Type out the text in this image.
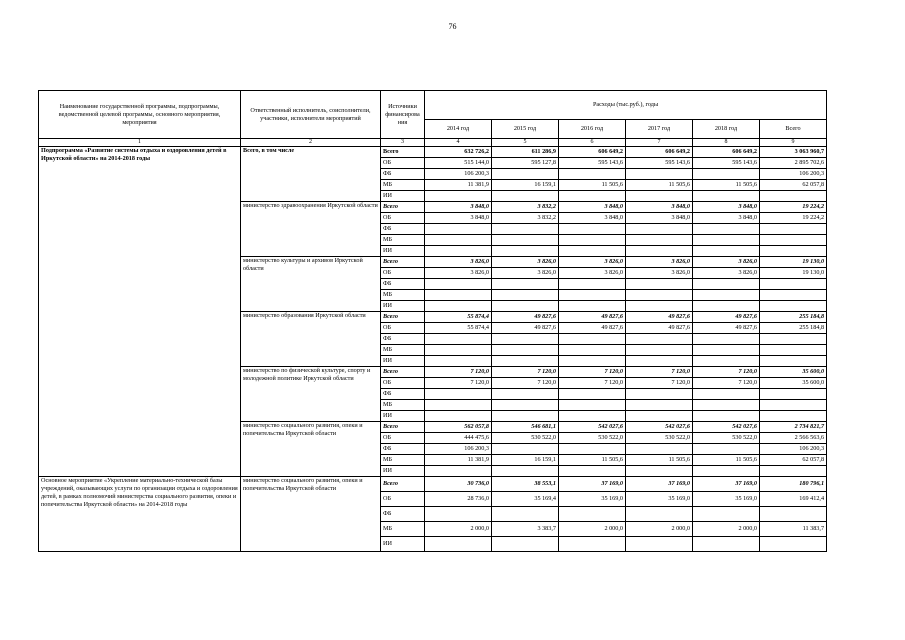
76
Наименование государственной программы, подпрограммы, ведомственной целевой программы, основного мероприятия, мероприятия	Ответственный исполнитель, соисполнители, участники, исполнители мероприятий	Источники финансирова ния	Расходы (тыс.руб.), годы					
			2014 год	2015 год	2016 год	2017 год	2018 год	Всего
1	2	3	4	5	6	7	8	9
Подпрограмма «Развитие системы отдыха и оздоровления детей в Иркутской области» на 2014-2018 годы	Всего, в том числе	Всего	632 726,2	611 286,9	606 649,2	606 649,2	606 649,2	3 063 960,7
		ОБ	515 144,0	595 127,8	595 143,6	595 143,6	595 143,6	2 895 702,6
		ФБ	106 200,3					106 200,3
		МБ	11 381,9	16 159,1	11 505,6	11 505,6	11 505,6	62 057,8
		ИИ						
	министерство здравоохранения Иркутской области	Всего	3 848,0	3 832,2	3 848,0	3 848,0	3 848,0	19 224,2
		ОБ	3 848,0	3 832,2	3 848,0	3 848,0	3 848,0	19 224,2
		ФБ						
		МБ						
		ИИ						
	министерство культуры и архивов Иркутской области	Всего	3 826,0	3 826,0	3 826,0	3 826,0	3 826,0	19 130,0
		ОБ	3 826,0	3 826,0	3 826,0	3 826,0	3 826,0	19 130,0
		ФБ						
		МБ						
		ИИ						
	министерство образования Иркутской области	Всего	55 874,4	49 827,6	49 827,6	49 827,6	49 827,6	255 184,8
		ОБ	55 874,4	49 827,6	49 827,6	49 827,6	49 827,6	255 184,8
		ФБ						
		МБ						
		ИИ						
	министерство по физической культуре, спорту и молодежной политике Иркутской области	Всего	7 120,0	7 120,0	7 120,0	7 120,0	7 120,0	35 600,0
		ОБ	7 120,0	7 120,0	7 120,0	7 120,0	7 120,0	35 600,0
		ФБ						
		МБ						
		ИИ						
	министерство социального развития, опеки и попечительства Иркутской области	Всего	562 057,8	546 681,1	542 027,6	542 027,6	542 027,6	2 734 821,7
		ОБ	444 475,6	530 522,0	530 522,0	530 522,0	530 522,0	2 566 563,6
		ФБ	106 200,3					106 200,3
		МБ	11 381,9	16 159,1	11 505,6	11 505,6	11 505,6	62 057,8
		ИИ						
Основное мероприятие «Укрепление материально-технической базы учреждений, оказывающих услуги по организации отдыха и оздоровления детей, в рамках полномочий министерства социального развития, опеки и попечительства Иркутской области» на 2014-2018 годы	министерство социального развития, опеки и попечительства Иркутской области	Всего	30 736,0	38 553,1	37 169,0	37 169,0	37 169,0	180 796,1
		ОБ	28 736,0	35 169,4	35 169,0	35 169,0	35 169,0	169 412,4
		ФБ						
		МБ	2 000,0	3 383,7	2 000,0	2 000,0	2 000,0	11 383,7
		ИИ						
